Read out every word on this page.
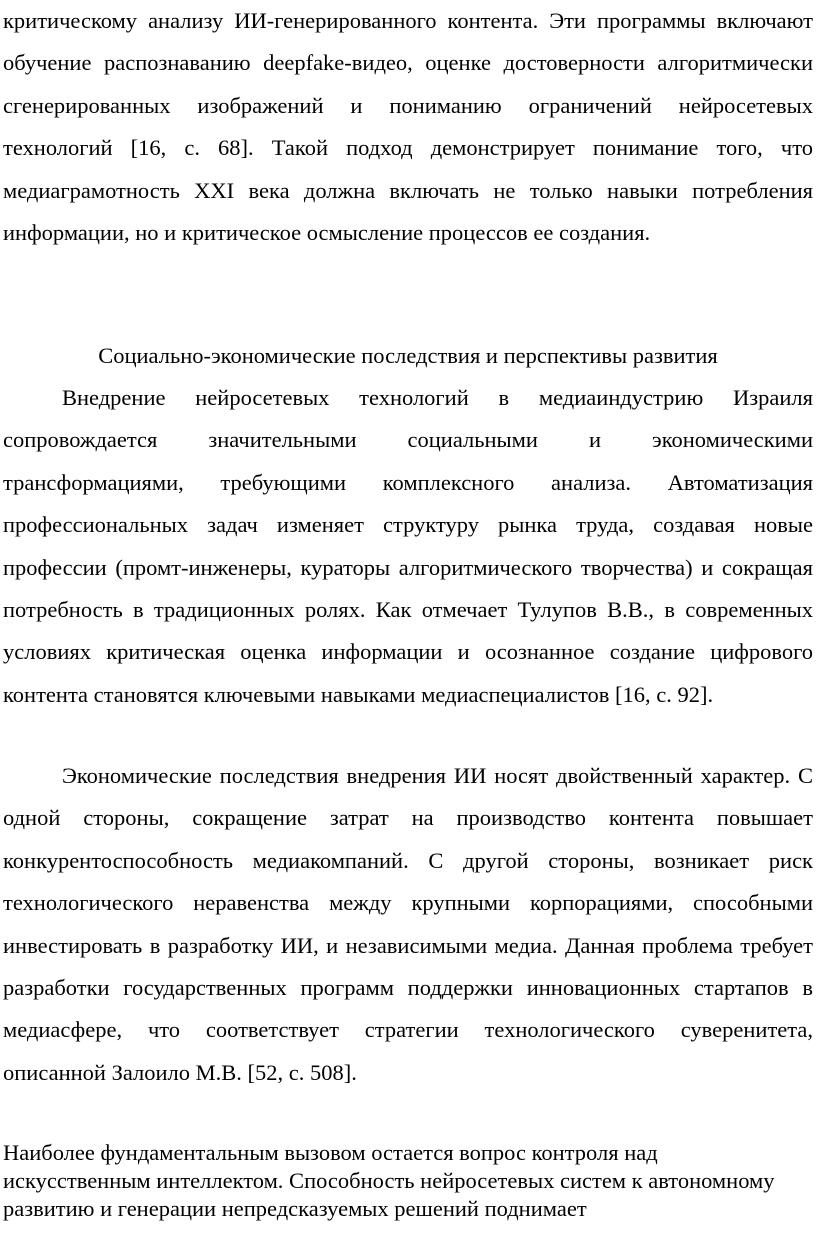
критическому анализу ИИ-генерированного контента. Эти программы включают обучение распознаванию deepfake-видео, оценке достоверности алгоритмически сгенерированных изображений и пониманию ограничений нейросетевых технологий [16, с. 68]. Такой подход демонстрирует понимание того, что медиаграмотность XXI века должна включать не только навыки потребления информации, но и критическое осмысление процессов ее создания.

Социально-экономические последствия и перспективы развития

Внедрение нейросетевых технологий в медиаиндустрию Израиля сопровождается значительными социальными и экономическими трансформациями, требующими комплексного анализа. Автоматизация профессиональных задач изменяет структуру рынка труда, создавая новые профессии (промт-инженеры, кураторы алгоритмического творчества) и сокращая потребность в традиционных ролях. Как отмечает Тулупов В.В., в современных условиях критическая оценка информации и осознанное создание цифрового контента становятся ключевыми навыками медиаспециалистов [16, с. 92].

Экономические последствия внедрения ИИ носят двойственный характер. С одной стороны, сокращение затрат на производство контента повышает конкурентоспособность медиакомпаний. С другой стороны, возникает риск технологического неравенства между крупными корпорациями, способными инвестировать в разработку ИИ, и независимыми медиа. Данная проблема требует разработки государственных программ поддержки инновационных стартапов в медиасфере, что соответствует стратегии технологического суверенитета, описанной Залоило М.В. [52, с. 508].

Наиболее фундаментальным вызовом остается вопрос контроля над искусственным интеллектом. Способность нейросетевых систем к автономному развитию и генерации непредсказуемых решений поднимает
